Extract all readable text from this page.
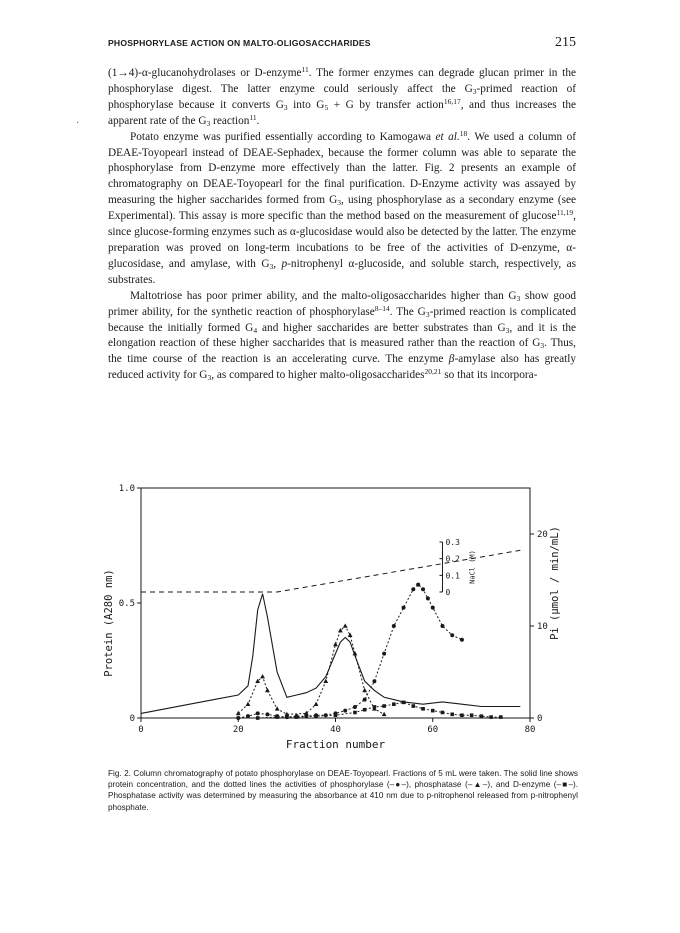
PHOSPHORYLASE ACTION ON MALTO-OLIGOSACCHARIDES	215
·

(1→4)-α-glucanohydrolases or D-enzyme$^{11}$. The former enzymes can degrade glucan primer in the phosphorylase digest. The latter enzyme could seriously affect the $G_3$-primed reaction of phosphorylase because it converts $G_3$ into $G_5 + G$ by transfer action$^{16,17}$, and thus increases the apparent rate of the $G_3$ reaction$^{11}$.

Potato enzyme was purified essentially according to Kamogawa et al.$^{18}$. We used a column of DEAE-Toyopearl instead of DEAE-Sephadex, because the former column was able to separate the phosphorylase from D-enzyme more effectively than the latter. Fig. 2 presents an example of chromatography on DEAE-Toyopearl for the final purification. D-Enzyme activity was assayed by measuring the higher saccharides formed from $G_3$, using phosphorylase as a secondary enzyme (see Experimental). This assay is more specific than the method based on the measurement of glucose$^{11,19}$, since glucose-forming enzymes such as α-glucosidase would also be detected by the latter. The enzyme preparation was proved on long-term incubations to be free of the activities of D-enzyme, α-glucosidase, and amylase, with $G_3$, p-nitrophenyl α-glucoside, and soluble starch, respectively, as substrates.

Maltotriose has poor primer ability, and the malto-oligosaccharides higher than $G_3$ show good primer ability, for the synthetic reaction of phosphorylase$^{8-14}$. The $G_3$-primed reaction is complicated because the initially formed $G_4$ and higher saccharides are better substrates than $G_3$, and it is the elongation reaction of these higher saccharides that is measured rather than the reaction of $G_3$. Thus, the time course of the reaction is an accelerating curve. The enzyme β-amylase also has greatly reduced activity for $G_3$, as compared to higher malto-oligosaccharides$^{20,21}$ so that its incorpora-

0	20	40	60	80
0
0.5
1.0
0
10
20
0
0.1
0.2
0.3
NaCl (M)
Fraction number
Protein (A280 nm)	Pi (µmol / min/mL)
Fig. 2. Column chromatography of potato phosphorylase on DEAE-Toyopearl. Fractions of 5 mL were taken. The solid line shows protein concentration, and the dotted lines the activities of phosphorylase (–●–), phosphatase (–▲–), and D-enzyme (–■–). Phosphatase activity was determined by measuring the absorbance at 410 nm due to p-nitrophenol released from p-nitrophenyl phosphate.
